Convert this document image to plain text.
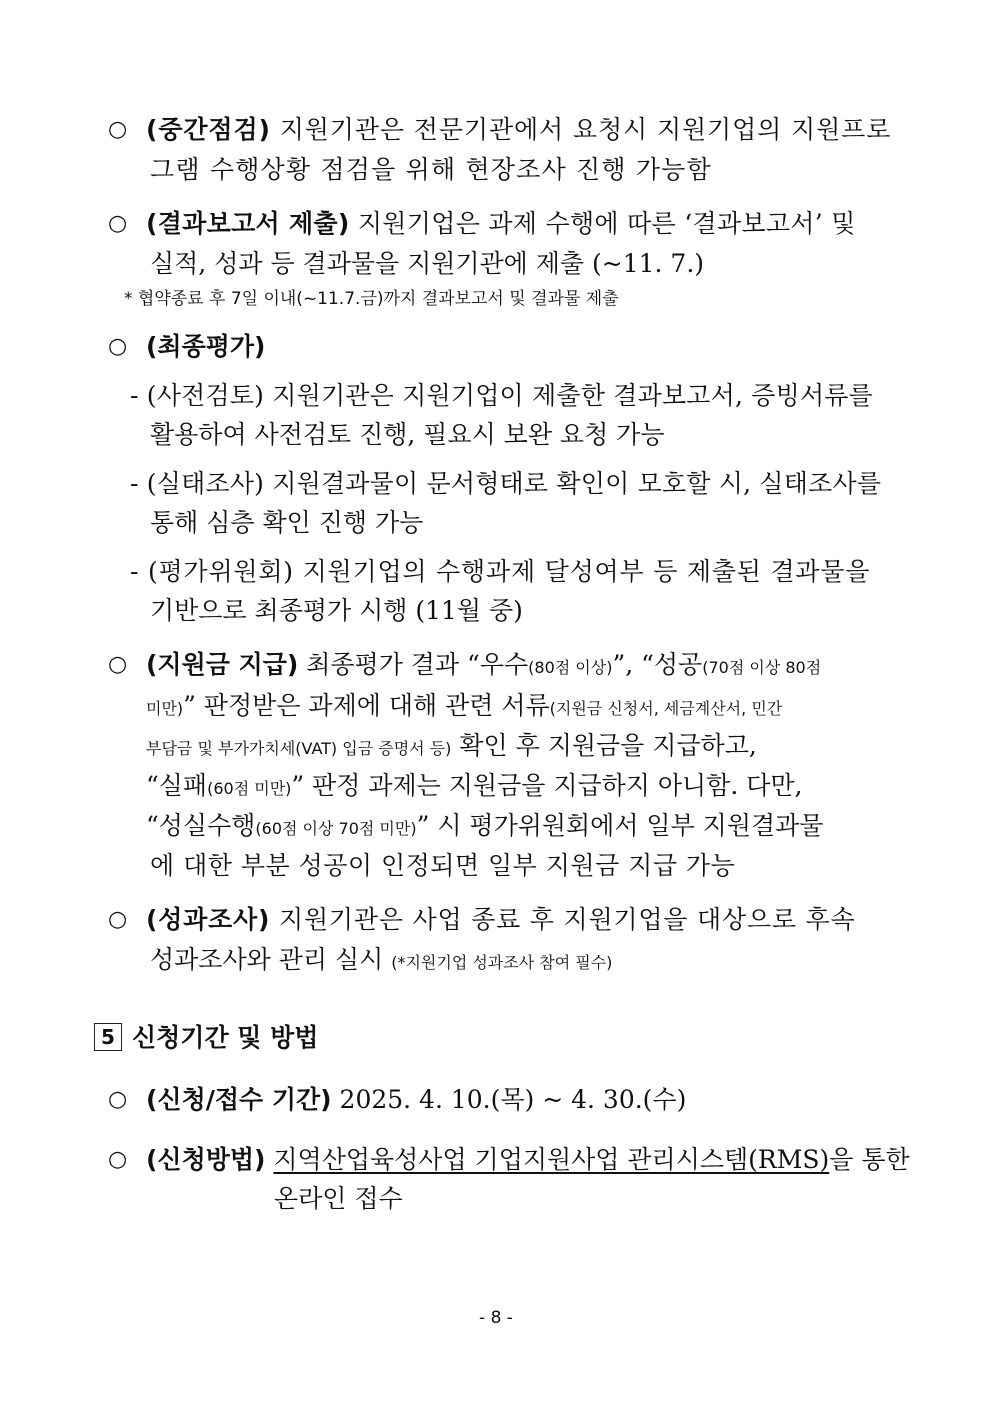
○ (중간점검) 지원기관은 전문기관에서 요청시 지원기업의 지원프로
그램 수행상황 점검을 위해 현장조사 진행 가능함
○ (결과보고서 제출) 지원기업은 과제 수행에 따른 ‘결과보고서’ 및
실적, 성과 등 결과물을 지원기관에 제출 (~11. 7.)
* 협약종료 후 7일 이내(~11.7.금)까지 결과보고서 및 결과물 제출
○ (최종평가)
- (사전검토) 지원기관은 지원기업이 제출한 결과보고서, 증빙서류를
활용하여 사전검토 진행, 필요시 보완 요청 가능
- (실태조사) 지원결과물이 문서형태로 확인이 모호할 시, 실태조사를
통해 심층 확인 진행 가능
- (평가위원회) 지원기업의 수행과제 달성여부 등 제출된 결과물을
기반으로 최종평가 시행 (11월 중)
○ (지원금 지급) 최종평가 결과 “우수(80점 이상)”, “성공(70점 이상 80점
미만)” 판정받은 과제에 대해 관련 서류(지원금 신청서, 세금계산서, 민간
부담금 및 부가가치세(VAT) 입금 증명서 등) 확인 후 지원금을 지급하고,
“실패(60점 미만)” 판정 과제는 지원금을 지급하지 아니함. 다만,
“성실수행(60점 이상 70점 미만)” 시 평가위원회에서 일부 지원결과물
에 대한 부분 성공이 인정되면 일부 지원금 지급 가능
○ (성과조사) 지원기관은 사업 종료 후 지원기업을 대상으로 후속
성과조사와 관리 실시 (*지원기업 성과조사 참여 필수)
5 신청기간 및 방법
○ (신청/접수 기간) 2025. 4. 10.(목) ~ 4. 30.(수)
○ (신청방법) 지역산업육성사업 기업지원사업 관리시스템(RMS)을 통한
온라인 접수
- 8 -
